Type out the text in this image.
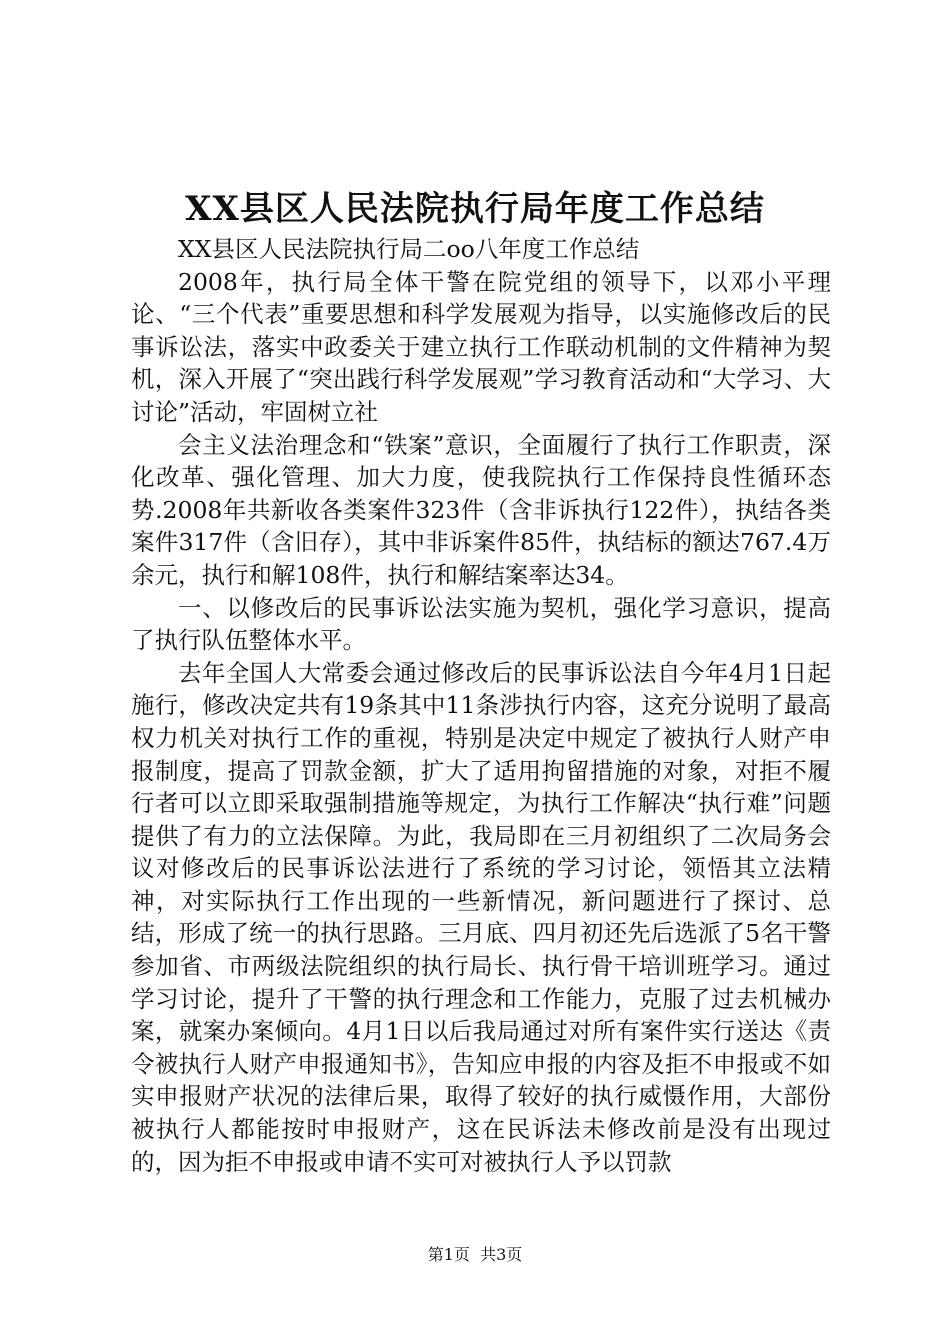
XX县区人民法院执行局年度工作总结

XX县区人民法院执行局二oo八年度工作总结

2008年，执行局全体干警在院党组的领导下，以邓小平理论、“三个代表”重要思想和科学发展观为指导，以实施修改后的民事诉讼法，落实中政委关于建立执行工作联动机制的文件精神为契机，深入开展了“突出践行科学发展观”学习教育活动和“大学习、大讨论”活动，牢固树立社

会主义法治理念和“铁案”意识，全面履行了执行工作职责，深化改革、强化管理、加大力度，使我院执行工作保持良性循环态势.2008年共新收各类案件323件（含非诉执行122件），执结各类案件317件（含旧存），其中非诉案件85件，执结标的额达767.4万余元，执行和解108件，执行和解结案率达34。

一、以修改后的民事诉讼法实施为契机，强化学习意识，提高了执行队伍整体水平。

去年全国人大常委会通过修改后的民事诉讼法自今年4月1日起施行，修改决定共有19条其中11条涉执行内容，这充分说明了最高权力机关对执行工作的重视，特别是决定中规定了被执行人财产申报制度，提高了罚款金额，扩大了适用拘留措施的对象，对拒不履行者可以立即采取强制措施等规定，为执行工作解决“执行难”问题提供了有力的立法保障。为此，我局即在三月初组织了二次局务会议对修改后的民事诉讼法进行了系统的学习讨论，领悟其立法精神，对实际执行工作出现的一些新情况，新问题进行了探讨、总结，形成了统一的执行思路。三月底、四月初还先后选派了5名干警参加省、市两级法院组织的执行局长、执行骨干培训班学习。通过学习讨论，提升了干警的执行理念和工作能力，克服了过去机械办案，就案办案倾向。4月1日以后我局通过对所有案件实行送达《责令被执行人财产申报通知书》，告知应申报的内容及拒不申报或不如实申报财产状况的法律后果，取得了较好的执行威慑作用，大部份被执行人都能按时申报财产，这在民诉法未修改前是没有出现过的，因为拒不申报或申请不实可对被执行人予以罚款

第1页 共3页
